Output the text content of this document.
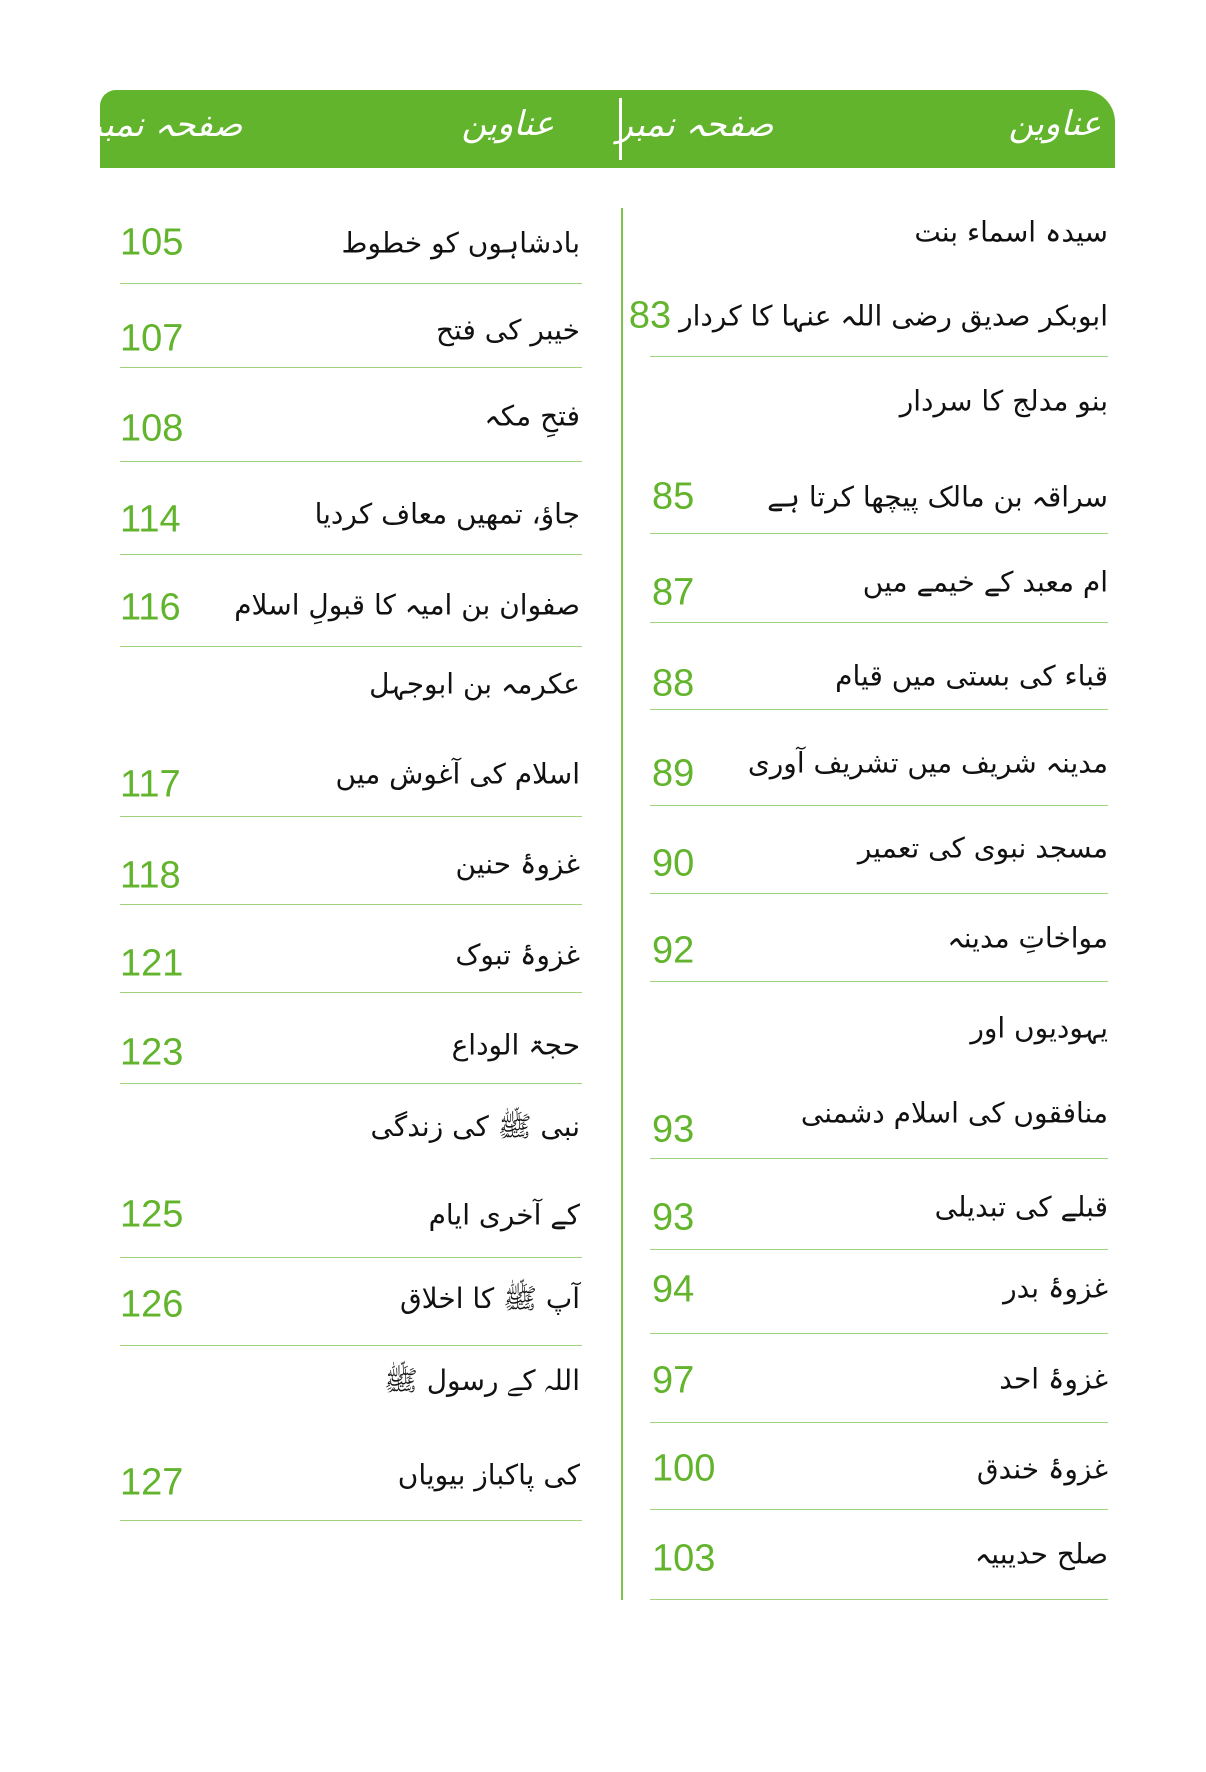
صفحہ نمبر	عناوین صفحہ نمبر	عناوین
سیدہ اسماء بنت
ابوبکر صدیق رضی اللہ عنہا کا کردار
83
بنو مدلج کا سردار
سراقہ بن مالک پیچھا کرتا ہے
85
ام معبد کے خیمے میں
87
قباء کی بستی میں قیام
88
مدینہ شریف میں تشریف آوری
89
مسجد نبوی کی تعمیر
90
مواخاتِ مدینہ
92
یہودیوں اور
منافقوں کی اسلام دشمنی
93
قبلے کی تبدیلی
93
غزوۂ بدر
94
غزوۂ احد
97
غزوۂ خندق
100
صلح حدیبیہ
103
بادشاہوں کو خطوط
105
خیبر کی فتح
107
فتحِ مکہ
108
جاؤ، تمھیں معاف کردیا
114
صفوان بن امیہ کا قبولِ اسلام
116
عکرمہ بن ابوجہل
اسلام کی آغوش میں
117
غزوۂ حنین
118
غزوۂ تبوک
121
حجۃ الوداع
123
نبی ﷺ کی زندگی
کے آخری ایام
125
آپ ﷺ کا اخلاق
126
اللہ کے رسول ﷺ
کی پاکباز بیویاں
127
